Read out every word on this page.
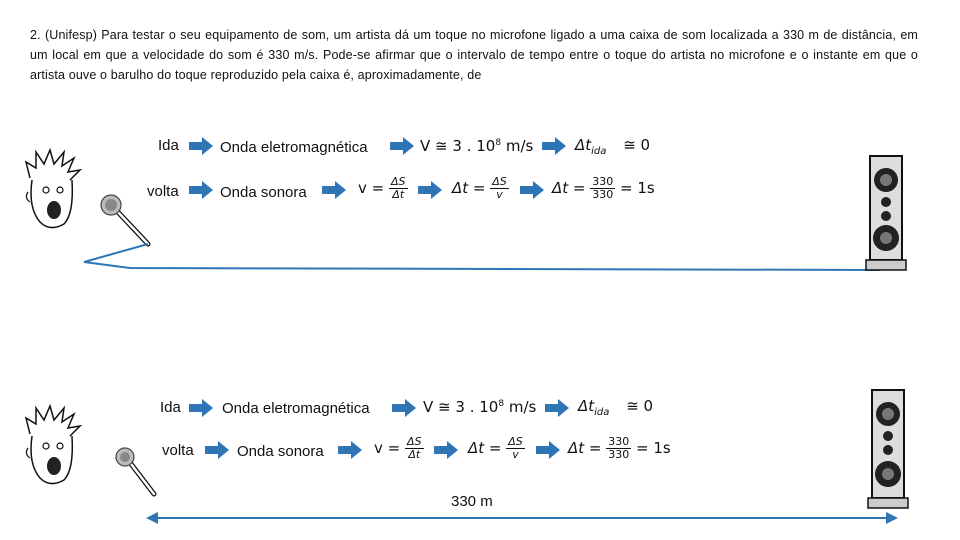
2. (Unifesp) Para testar o seu equipamento de som, um artista dá um toque no microfone ligado a uma caixa de som localizada a 330 m de distância, em um local em que a velocidade do som é 330 m/s. Pode-se afirmar que o intervalo de tempo entre o toque do artista no microfone e o instante em que o artista ouve o barulho do toque reproduzido pela caixa é, aproximadamente, de
Ida	Onda eletromagnética	V ≅ 3 . $10^8$ m/s	$\Delta t_{ida}$ ≅ 0
volta	Onda sonora	$v = \frac{\Delta S}{\Delta t}$	$\Delta t = \frac{\Delta S}{v}$	$\Delta t = \frac{330}{330} = 1s$
330 m
Ida	Onda eletromagnética	V ≅ 3 . $10^8$ m/s	$\Delta t_{ida}$ ≅ 0
volta	Onda sonora	$v = \frac{\Delta S}{\Delta t}$	$\Delta t = \frac{\Delta S}{v}$	$\Delta t = \frac{330}{330} = 1s$
